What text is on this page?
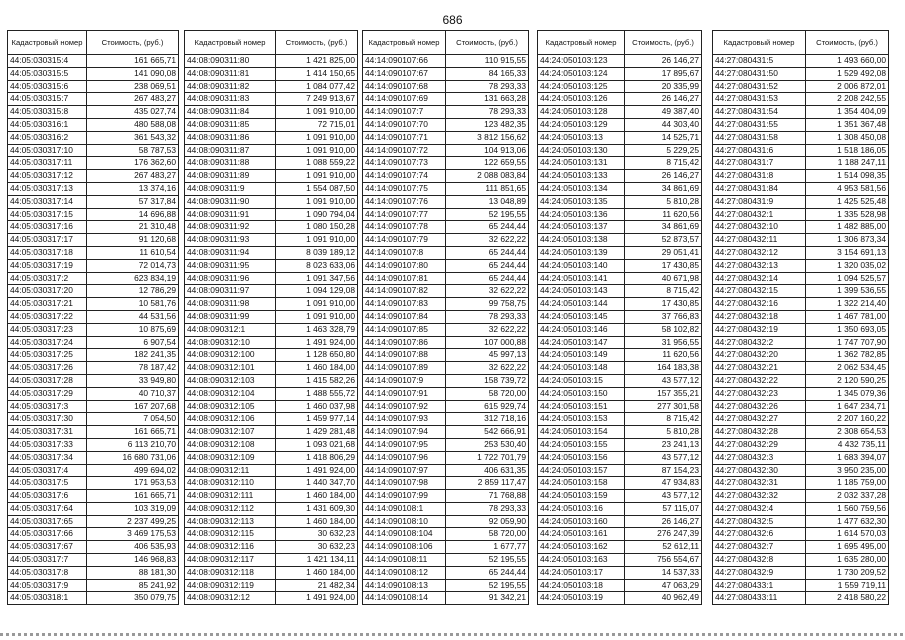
686
Кадастровый номер	Стоимость, (руб.)
44:05:030315:4	161 665,71
44:05:030315:5	141 090,08
44:05:030315:6	238 069,51
44:05:030315:7	267 483,27
44:05:030315:8	435 027,74
44:05:030316:1	480 588,08
44:05:030316:2	361 543,32
44:05:030317:10	58 787,53
44:05:030317:11	176 362,60
44:05:030317:12	267 483,27
44:05:030317:13	13 374,16
44:05:030317:14	57 317,84
44:05:030317:15	14 696,88
44:05:030317:16	21 310,48
44:05:030317:17	91 120,68
44:05:030317:18	11 610,54
44:05:030317:19	72 014,73
44:05:030317:2	623 834,19
44:05:030317:20	12 786,29
44:05:030317:21	10 581,76
44:05:030317:22	44 531,56
44:05:030317:23	10 875,69
44:05:030317:24	6 907,54
44:05:030317:25	182 241,35
44:05:030317:26	78 187,42
44:05:030317:28	33 949,80
44:05:030317:29	40 710,37
44:05:030317:3	167 207,68
44:05:030317:30	7 054,50
44:05:030317:31	161 665,71
44:05:030317:33	6 113 210,70
44:05:030317:34	16 680 731,06
44:05:030317:4	499 694,02
44:05:030317:5	171 953,53
44:05:030317:6	161 665,71
44:05:030317:64	103 319,09
44:05:030317:65	2 237 499,25
44:05:030317:66	3 469 175,53
44:05:030317:67	406 535,93
44:05:030317:7	146 968,83
44:05:030317:8	88 181,30
44:05:030317:9	85 241,92
44:05:030318:1	350 079,75
Кадастровый номер	Стоимость, (руб.)
44:08:090311:80	1 421 825,00
44:08:090311:81	1 414 150,65
44:08:090311:82	1 084 077,42
44:08:090311:83	7 249 913,67
44:08:090311:84	1 091 910,00
44:08:090311:85	72 715,01
44:08:090311:86	1 091 910,00
44:08:090311:87	1 091 910,00
44:08:090311:88	1 088 559,22
44:08:090311:89	1 091 910,00
44:08:090311:9	1 554 087,50
44:08:090311:90	1 091 910,00
44:08:090311:91	1 090 794,04
44:08:090311:92	1 080 150,28
44:08:090311:93	1 091 910,00
44:08:090311:94	8 039 189,12
44:08:090311:95	8 023 633,06
44:08:090311:96	1 091 347,56
44:08:090311:97	1 094 129,08
44:08:090311:98	1 091 910,00
44:08:090311:99	1 091 910,00
44:08:090312:1	1 463 328,79
44:08:090312:10	1 491 924,00
44:08:090312:100	1 128 650,80
44:08:090312:101	1 460 184,00
44:08:090312:103	1 415 582,26
44:08:090312:104	1 488 555,72
44:08:090312:105	1 460 037,98
44:08:090312:106	1 459 977,14
44:08:090312:107	1 429 281,48
44:08:090312:108	1 093 021,68
44:08:090312:109	1 418 806,29
44:08:090312:11	1 491 924,00
44:08:090312:110	1 440 347,70
44:08:090312:111	1 460 184,00
44:08:090312:112	1 431 609,30
44:08:090312:113	1 460 184,00
44:08:090312:115	30 632,23
44:08:090312:116	30 632,23
44:08:090312:117	1 421 134,11
44:08:090312:118	1 460 184,00
44:08:090312:119	21 482,34
44:08:090312:12	1 491 924,00
Кадастровый номер	Стоимость, (руб.)
44:14:090107:66	110 915,55
44:14:090107:67	84 165,33
44:14:090107:68	78 293,33
44:14:090107:69	131 663,28
44:14:090107:7	78 293,33
44:14:090107:70	123 482,35
44:14:090107:71	3 812 156,62
44:14:090107:72	104 913,06
44:14:090107:73	122 659,55
44:14:090107:74	2 088 083,84
44:14:090107:75	111 851,65
44:14:090107:76	13 048,89
44:14:090107:77	52 195,55
44:14:090107:78	65 244,44
44:14:090107:79	32 622,22
44:14:090107:8	65 244,44
44:14:090107:80	65 244,44
44:14:090107:81	65 244,44
44:14:090107:82	32 622,22
44:14:090107:83	99 758,75
44:14:090107:84	78 293,33
44:14:090107:85	32 622,22
44:14:090107:86	107 000,88
44:14:090107:88	45 997,13
44:14:090107:89	32 622,22
44:14:090107:9	158 739,72
44:14:090107:91	58 720,00
44:14:090107:92	615 929,74
44:14:090107:93	312 718,16
44:14:090107:94	542 666,91
44:14:090107:95	253 530,40
44:14:090107:96	1 722 701,79
44:14:090107:97	406 631,35
44:14:090107:98	2 859 117,47
44:14:090107:99	71 768,88
44:14:090108:1	78 293,33
44:14:090108:10	92 059,90
44:14:090108:104	58 720,00
44:14:090108:106	1 677,77
44:14:090108:11	52 195,55
44:14:090108:12	65 244,44
44:14:090108:13	52 195,55
44:14:090108:14	91 342,21
Кадастровый номер	Стоимость, (руб.)
44:24:050103:123	26 146,27
44:24:050103:124	17 895,67
44:24:050103:125	20 335,99
44:24:050103:126	26 146,27
44:24:050103:128	49 387,40
44:24:050103:129	44 303,40
44:24:050103:13	14 525,71
44:24:050103:130	5 229,25
44:24:050103:131	8 715,42
44:24:050103:133	26 146,27
44:24:050103:134	34 861,69
44:24:050103:135	5 810,28
44:24:050103:136	11 620,56
44:24:050103:137	34 861,69
44:24:050103:138	52 873,57
44:24:050103:139	29 051,41
44:24:050103:140	17 430,85
44:24:050103:141	40 671,98
44:24:050103:143	8 715,42
44:24:050103:144	17 430,85
44:24:050103:145	37 766,83
44:24:050103:146	58 102,82
44:24:050103:147	31 956,55
44:24:050103:149	11 620,56
44:24:050103:148	164 183,38
44:24:050103:15	43 577,12
44:24:050103:150	157 355,21
44:24:050103:151	277 301,58
44:24:050103:153	8 715,42
44:24:050103:154	5 810,28
44:24:050103:155	23 241,13
44:24:050103:156	43 577,12
44:24:050103:157	87 154,23
44:24:050103:158	47 934,83
44:24:050103:159	43 577,12
44:24:050103:16	57 115,07
44:24:050103:160	26 146,27
44:24:050103:161	276 247,39
44:24:050103:162	52 612,11
44:24:050103:163	756 554,67
44:24:050103:17	14 537,33
44:24:050103:18	47 063,29
44:24:050103:19	40 962,49
Кадастровый номер	Стоимость, (руб.)
44:27:080431:5	1 493 660,00
44:27:080431:50	1 529 492,08
44:27:080431:52	2 006 872,01
44:27:080431:53	2 208 242,55
44:27:080431:54	1 354 404,09
44:27:080431:55	1 351 367,48
44:27:080431:58	1 308 450,08
44:27:080431:6	1 518 186,05
44:27:080431:7	1 188 247,11
44:27:080431:8	1 514 098,35
44:27:080431:84	4 953 581,56
44:27:080431:9	1 425 525,48
44:27:080432:1	1 335 528,98
44:27:080432:10	1 482 885,00
44:27:080432:11	1 306 873,34
44:27:080432:12	3 154 691,13
44:27:080432:13	1 320 035,02
44:27:080432:14	1 094 525,57
44:27:080432:15	1 399 536,55
44:27:080432:16	1 322 214,40
44:27:080432:18	1 467 781,00
44:27:080432:19	1 350 693,05
44:27:080432:2	1 747 707,90
44:27:080432:20	1 362 782,85
44:27:080432:21	2 062 534,45
44:27:080432:22	2 120 590,25
44:27:080432:23	1 345 079,36
44:27:080432:26	1 647 234,71
44:27:080432:27	2 207 160,22
44:27:080432:28	2 308 654,53
44:27:080432:29	4 432 735,11
44:27:080432:3	1 683 394,07
44:27:080432:30	3 950 235,00
44:27:080432:31	1 185 759,00
44:27:080432:32	2 032 337,28
44:27:080432:4	1 560 759,56
44:27:080432:5	1 477 632,30
44:27:080432:6	1 614 570,03
44:27:080432:7	1 695 495,00
44:27:080432:8	1 635 280,00
44:27:080432:9	1 730 209,52
44:27:080433:1	1 559 719,11
44:27:080433:11	2 418 580,22
